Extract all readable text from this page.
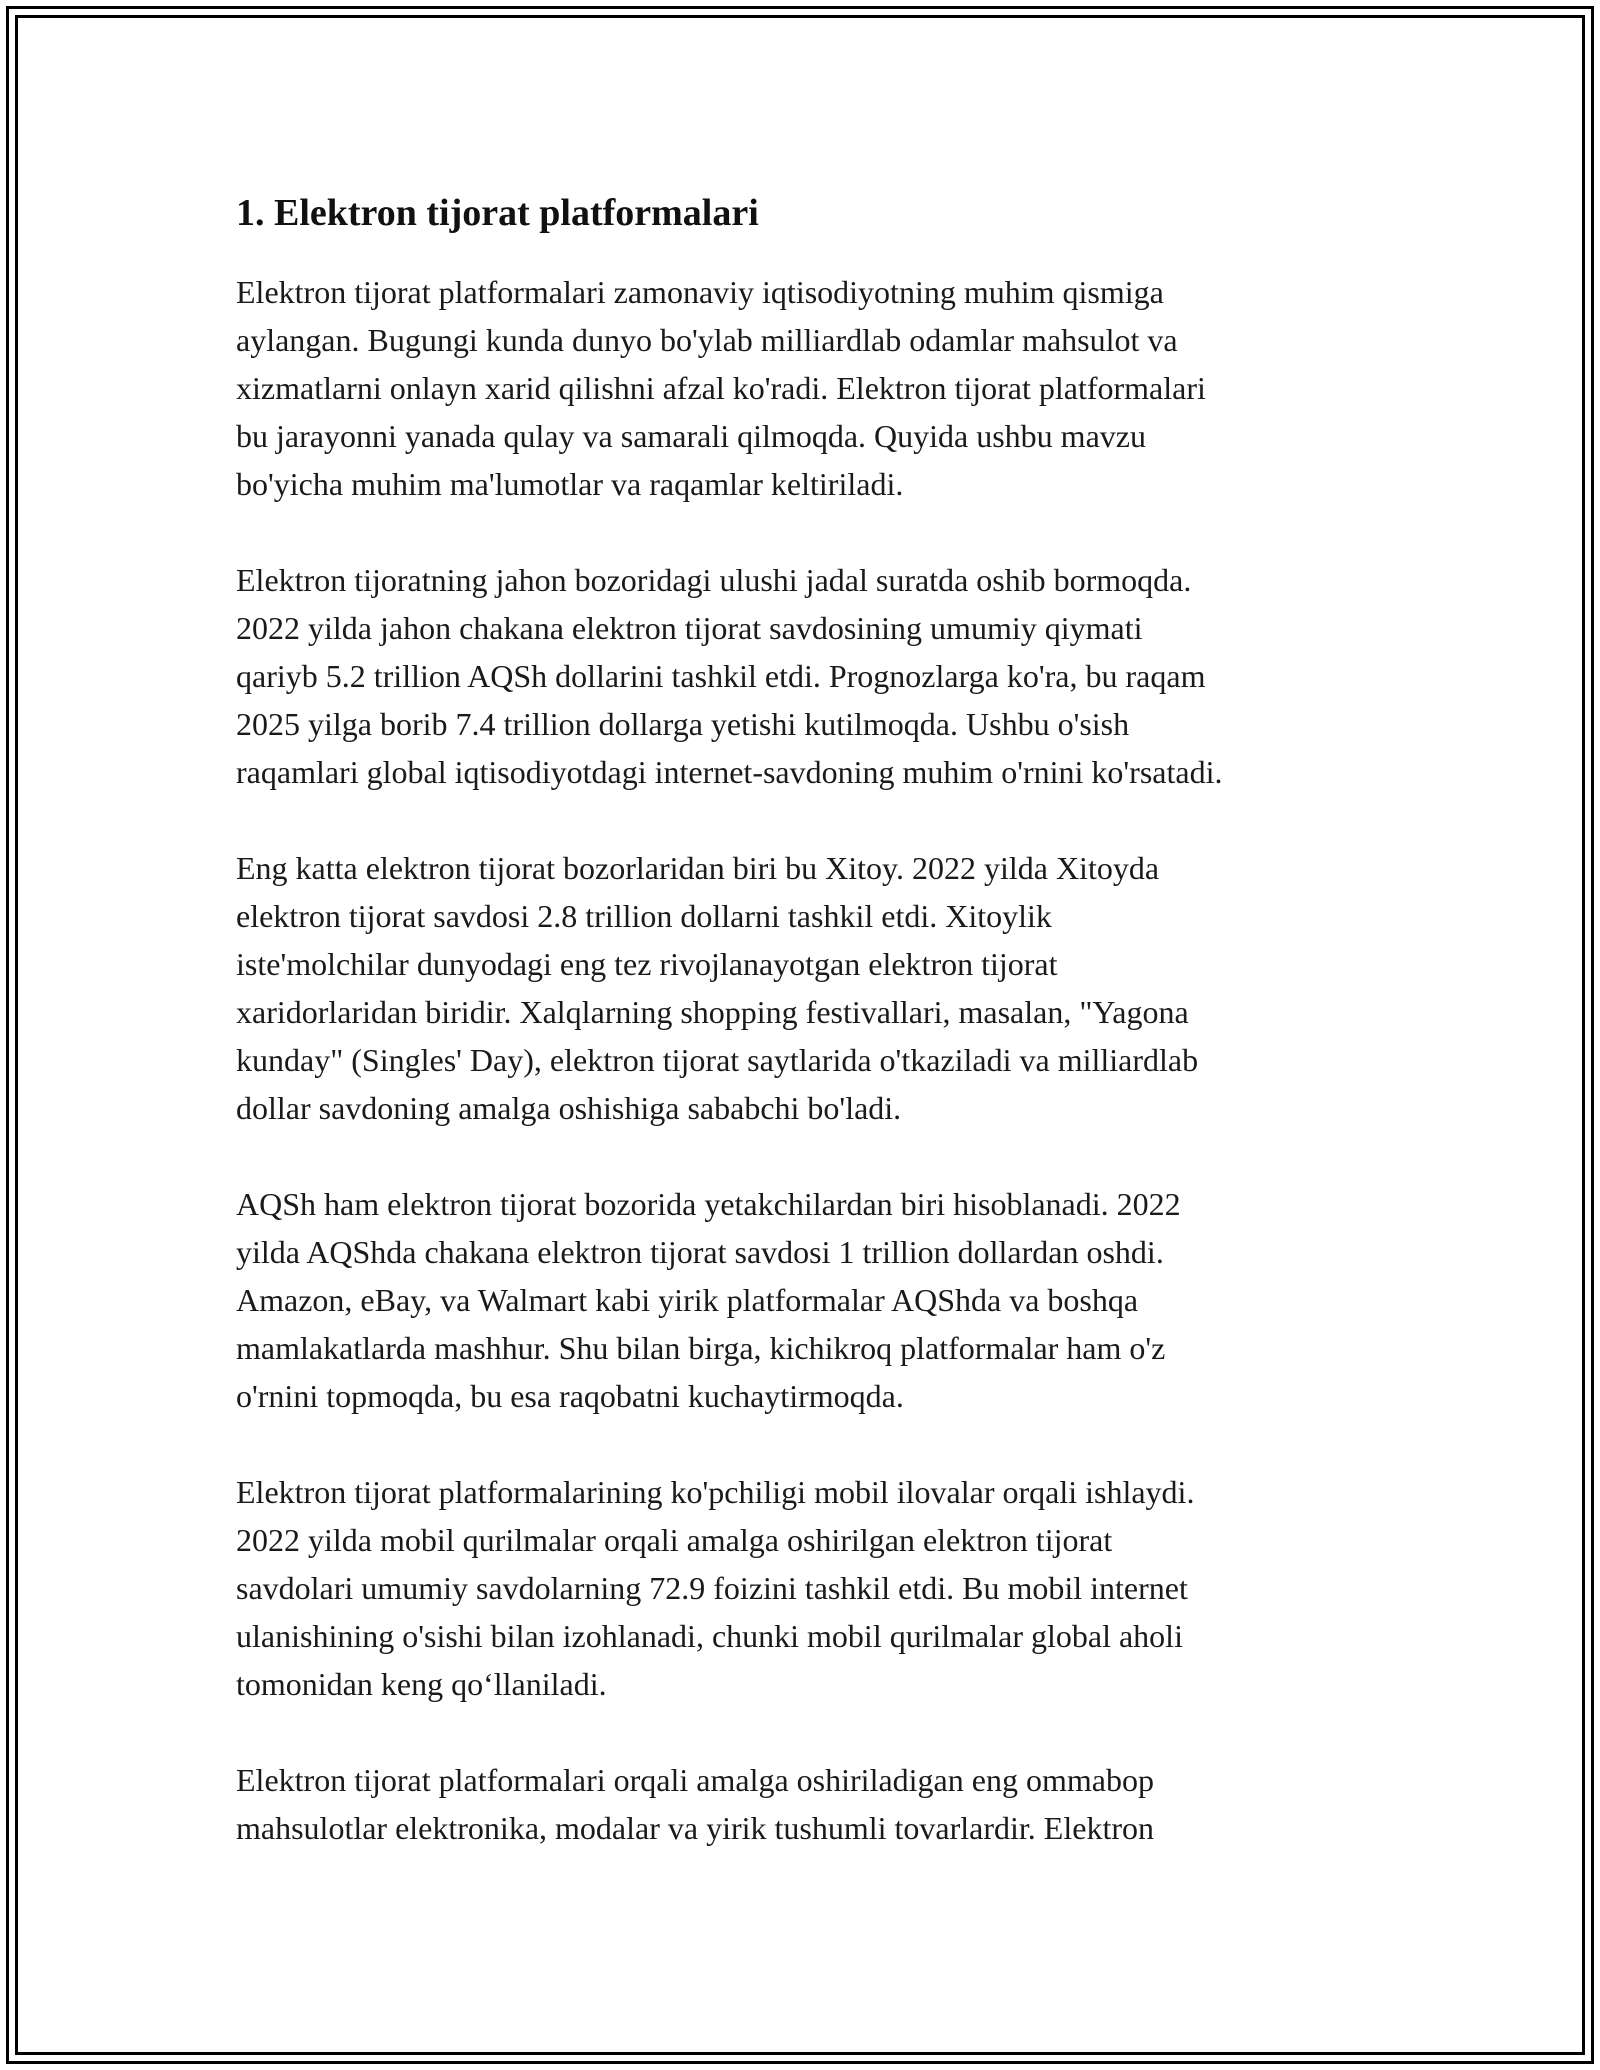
1. Elektron tijorat platformalari

Elektron tijorat platformalari zamonaviy iqtisodiyotning muhim qismiga
aylangan. Bugungi kunda dunyo bo'ylab milliardlab odamlar mahsulot va
xizmatlarni onlayn xarid qilishni afzal ko'radi. Elektron tijorat platformalari
bu jarayonni yanada qulay va samarali qilmoqda. Quyida ushbu mavzu
bo'yicha muhim ma'lumotlar va raqamlar keltiriladi.

Elektron tijoratning jahon bozoridagi ulushi jadal suratda oshib bormoqda.
2022 yilda jahon chakana elektron tijorat savdosining umumiy qiymati
qariyb 5.2 trillion AQSh dollarini tashkil etdi. Prognozlarga ko'ra, bu raqam
2025 yilga borib 7.4 trillion dollarga yetishi kutilmoqda. Ushbu o'sish
raqamlari global iqtisodiyotdagi internet-savdoning muhim o'rnini ko'rsatadi.

Eng katta elektron tijorat bozorlaridan biri bu Xitoy. 2022 yilda Xitoyda
elektron tijorat savdosi 2.8 trillion dollarni tashkil etdi. Xitoylik
iste'molchilar dunyodagi eng tez rivojlanayotgan elektron tijorat
xaridorlaridan biridir. Xalqlarning shopping festivallari, masalan, "Yagona
kunday" (Singles' Day), elektron tijorat saytlarida o'tkaziladi va milliardlab
dollar savdoning amalga oshishiga sababchi bo'ladi.

AQSh ham elektron tijorat bozorida yetakchilardan biri hisoblanadi. 2022
yilda AQShda chakana elektron tijorat savdosi 1 trillion dollardan oshdi.
Amazon, eBay, va Walmart kabi yirik platformalar AQShda va boshqa
mamlakatlarda mashhur. Shu bilan birga, kichikroq platformalar ham o'z
o'rnini topmoqda, bu esa raqobatni kuchaytirmoqda.

Elektron tijorat platformalarining ko'pchiligi mobil ilovalar orqali ishlaydi.
2022 yilda mobil qurilmalar orqali amalga oshirilgan elektron tijorat
savdolari umumiy savdolarning 72.9 foizini tashkil etdi. Bu mobil internet
ulanishining o'sishi bilan izohlanadi, chunki mobil qurilmalar global aholi
tomonidan keng qo‘llaniladi.

Elektron tijorat platformalari orqali amalga oshiriladigan eng ommabop
mahsulotlar elektronika, modalar va yirik tushumli tovarlardir. Elektron
